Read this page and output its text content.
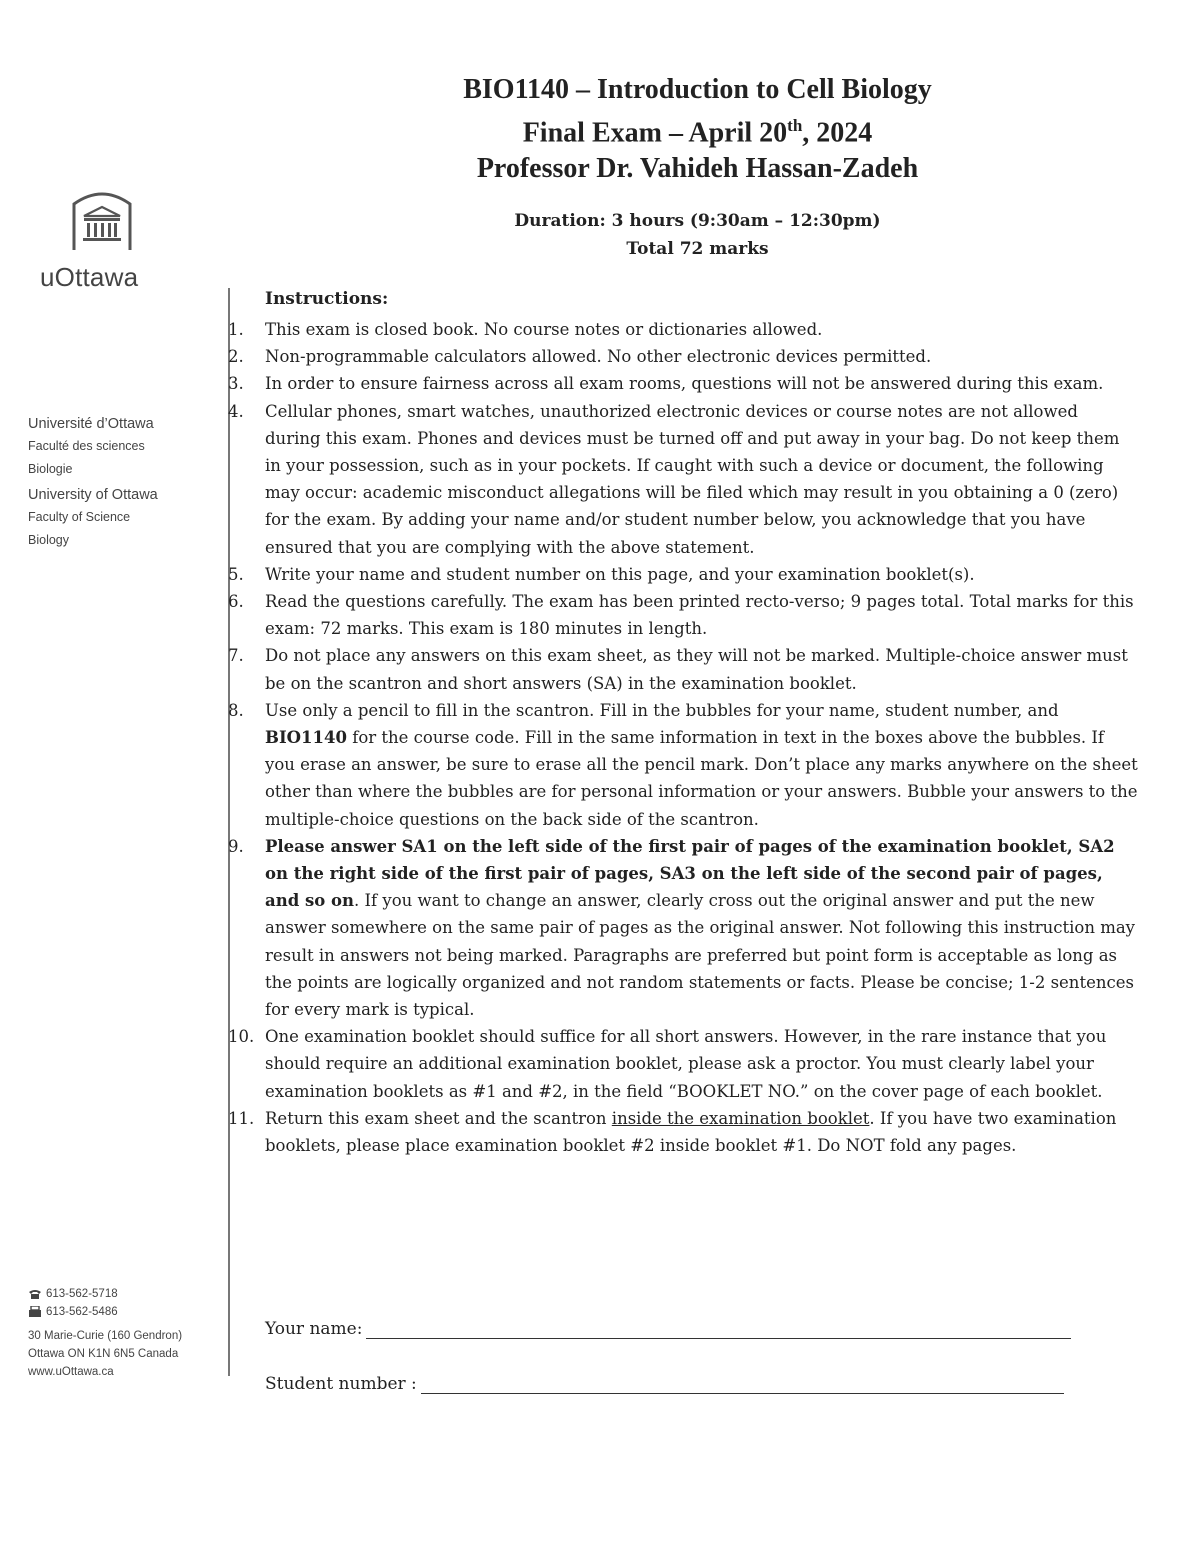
uOttawa
Université d’Ottawa
Faculté des sciences
Biologie
University of Ottawa
Faculty of Science
Biology
613-562-5718
613-562-5486
30 Marie-Curie (160 Gendron)
Ottawa ON K1N 6N5 Canada
www.uOttawa.ca
BIO1140 – Introduction to Cell Biology
Final Exam – April 20th, 2024
Professor Dr. Vahideh Hassan-Zadeh
Duration: 3 hours (9:30am – 12:30pm)
Total 72 marks
Instructions:
1.	This exam is closed book. No course notes or dictionaries allowed.
2.	Non-programmable calculators allowed. No other electronic devices permitted.
3.	In order to ensure fairness across all exam rooms, questions will not be answered during this exam.
4.	Cellular phones, smart watches, unauthorized electronic devices or course notes are not allowed during this exam. Phones and devices must be turned off and put away in your bag. Do not keep them in your possession, such as in your pockets. If caught with such a device or document, the following may occur: academic misconduct allegations will be filed which may result in you obtaining a 0 (zero) for the exam. By adding your name and/or student number below, you acknowledge that you have ensured that you are complying with the above statement.
5.	Write your name and student number on this page, and your examination booklet(s).
6.	Read the questions carefully. The exam has been printed recto-verso; 9 pages total. Total marks for this exam: 72 marks. This exam is 180 minutes in length.
7.	Do not place any answers on this exam sheet, as they will not be marked. Multiple-choice answer must be on the scantron and short answers (SA) in the examination booklet.
8.	Use only a pencil to fill in the scantron. Fill in the bubbles for your name, student number, and BIO1140 for the course code. Fill in the same information in text in the boxes above the bubbles. If you erase an answer, be sure to erase all the pencil mark. Don’t place any marks anywhere on the sheet other than where the bubbles are for personal information or your answers. Bubble your answers to the multiple-choice questions on the back side of the scantron.
9.	Please answer SA1 on the left side of the first pair of pages of the examination booklet, SA2 on the right side of the first pair of pages, SA3 on the left side of the second pair of pages, and so on. If you want to change an answer, clearly cross out the original answer and put the new answer somewhere on the same pair of pages as the original answer. Not following this instruction may result in answers not being marked. Paragraphs are preferred but point form is acceptable as long as the points are logically organized and not random statements or facts. Please be concise; 1-2 sentences for every mark is typical.
10. One examination booklet should suffice for all short answers. However, in the rare instance that you should require an additional examination booklet, please ask a proctor. You must clearly label your examination booklets as #1 and #2, in the field “BOOKLET NO.” on the cover page of each booklet.
11. Return this exam sheet and the scantron inside the examination booklet. If you have two examination booklets, please place examination booklet #2 inside booklet #1. Do NOT fold any pages.
Your name:
Student number :
